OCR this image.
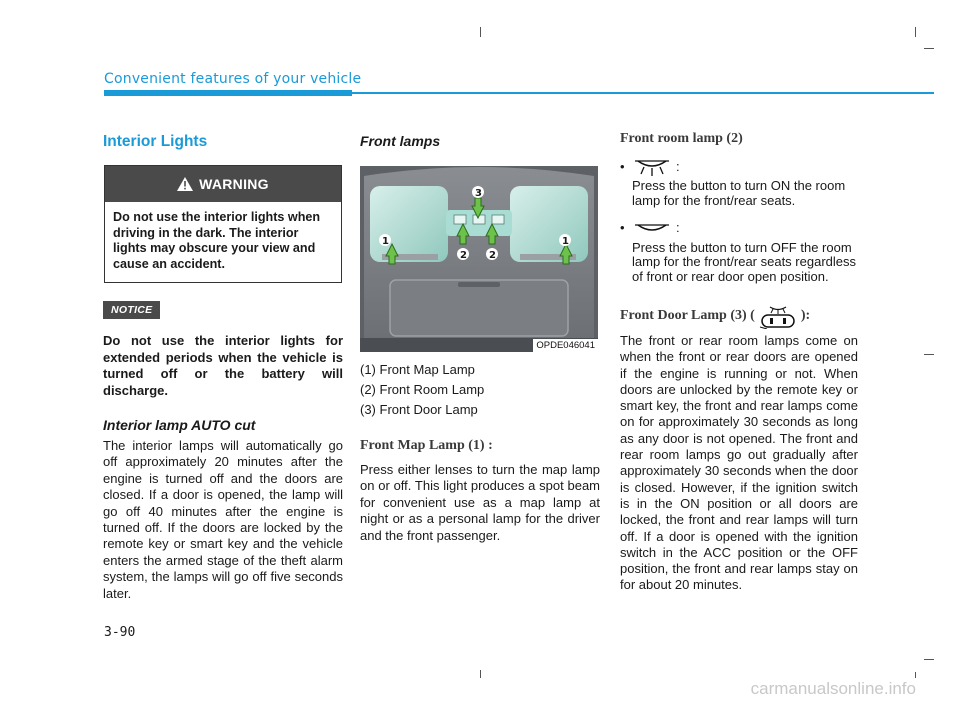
Convenient features of your vehicle
Interior Lights
WARNING
Do not use the interior lights when driving in the dark. The interior lights may obscure your view and cause an accident.
NOTICE
Do not use the interior lights for extended periods when the vehicle is turned off or the battery will discharge.
Interior lamp AUTO cut
The interior lamps will automatically go off approximately 20 minutes after the engine is turned off and the doors are closed. If a door is opened, the lamp will go off 40 minutes after the engine is turned off. If the doors are locked by the remote key or smart key and the vehicle enters the armed stage of the theft alarm system, the lamps will go off five seconds later.
Front lamps
1	1
2 2
3
OPDE046041
(1) Front Map Lamp
(2) Front Room Lamp
(3) Front Door Lamp
Front Map Lamp (1) :
Press either lenses to turn the map lamp on or off. This light produces a spot beam for convenient use as a map lamp at night or as a personal lamp for the driver and the front passenger.
Front room lamp (2)
•	:
Press the button to turn ON the room lamp for the front/rear seats.
•	:
Press the button to turn OFF the room lamp for the front/rear seats regardless of front or rear door open position.
Front Door Lamp (3) (	):
The front or rear room lamps come on when the front or rear doors are opened if the engine is running or not. When doors are unlocked by the remote key or smart key, the front and rear lamps come on for approximately 30 seconds as long as any door is not opened. The front and rear room lamps go out gradually after approximately 30 seconds when the door is closed. However, if the ignition switch is in the ON position or all doors are locked, the front and rear lamps will turn off. If a door is opened with the ignition switch in the ACC position or the OFF position, the front and rear lamps stay on for about 20 minutes.
3-90
carmanualsonline.info
